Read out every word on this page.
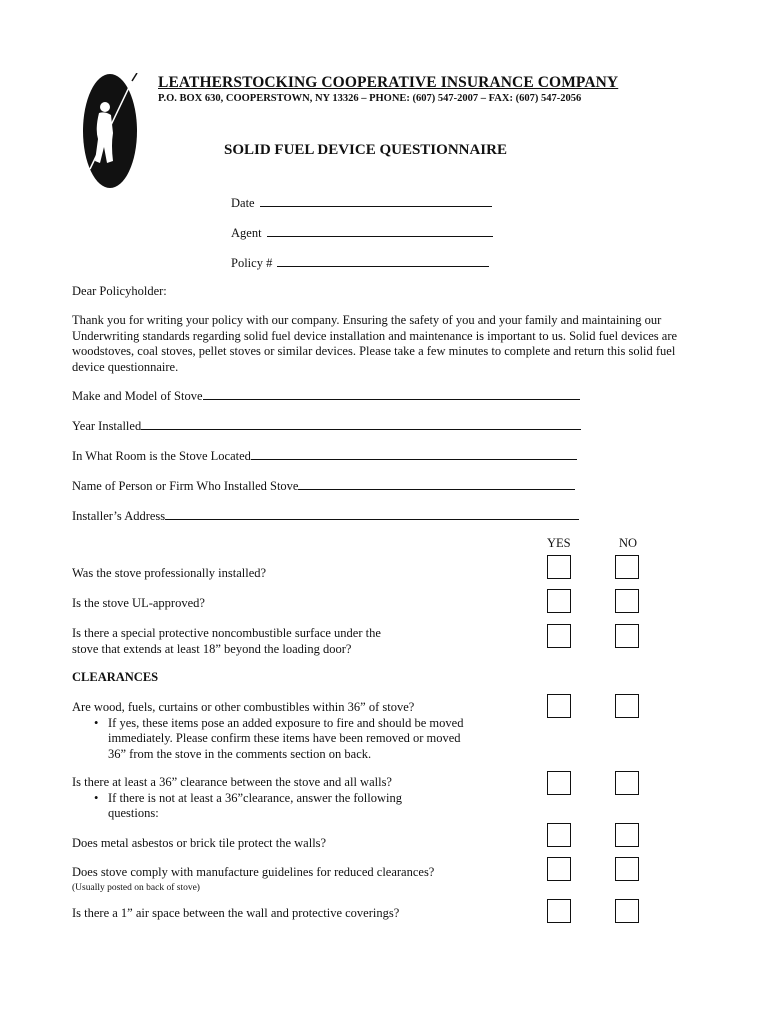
LEATHERSTOCKING COOPERATIVE INSURANCE COMPANY
P.O. BOX 630, COOPERSTOWN, NY 13326 – PHONE: (607) 547-2007 – FAX: (607) 547-2056
SOLID FUEL DEVICE QUESTIONNAIRE
Date
Agent
Policy #
Dear Policyholder:
Thank you for writing your policy with our company. Ensuring the safety of you and your family and maintaining our Underwriting standards regarding solid fuel device installation and maintenance is important to us. Solid fuel devices are woodstoves, coal stoves, pellet stoves or similar devices. Please take a few minutes to complete and return this solid fuel device questionnaire.
Make and Model of Stove
Year Installed
In What Room is the Stove Located
Name of Person or Firm Who Installed Stove
Installer’s Address
YES	NO
Was the stove professionally installed?
Is the stove UL-approved?
Is there a special protective noncombustible surface under the
stove that extends at least 18” beyond the loading door?
CLEARANCES
Are wood, fuels, curtains or other combustibles within 36” of stove?
• If yes, these items pose an added exposure to fire and should be moved
immediately. Please confirm these items have been removed or moved
36” from the stove in the comments section on back.
Is there at least a 36” clearance between the stove and all walls?
• If there is not at least a 36”clearance, answer the following
questions:
Does metal asbestos or brick tile protect the walls?
Does stove comply with manufacture guidelines for reduced clearances?
(Usually posted on back of stove)
Is there a 1” air space between the wall and protective coverings?
